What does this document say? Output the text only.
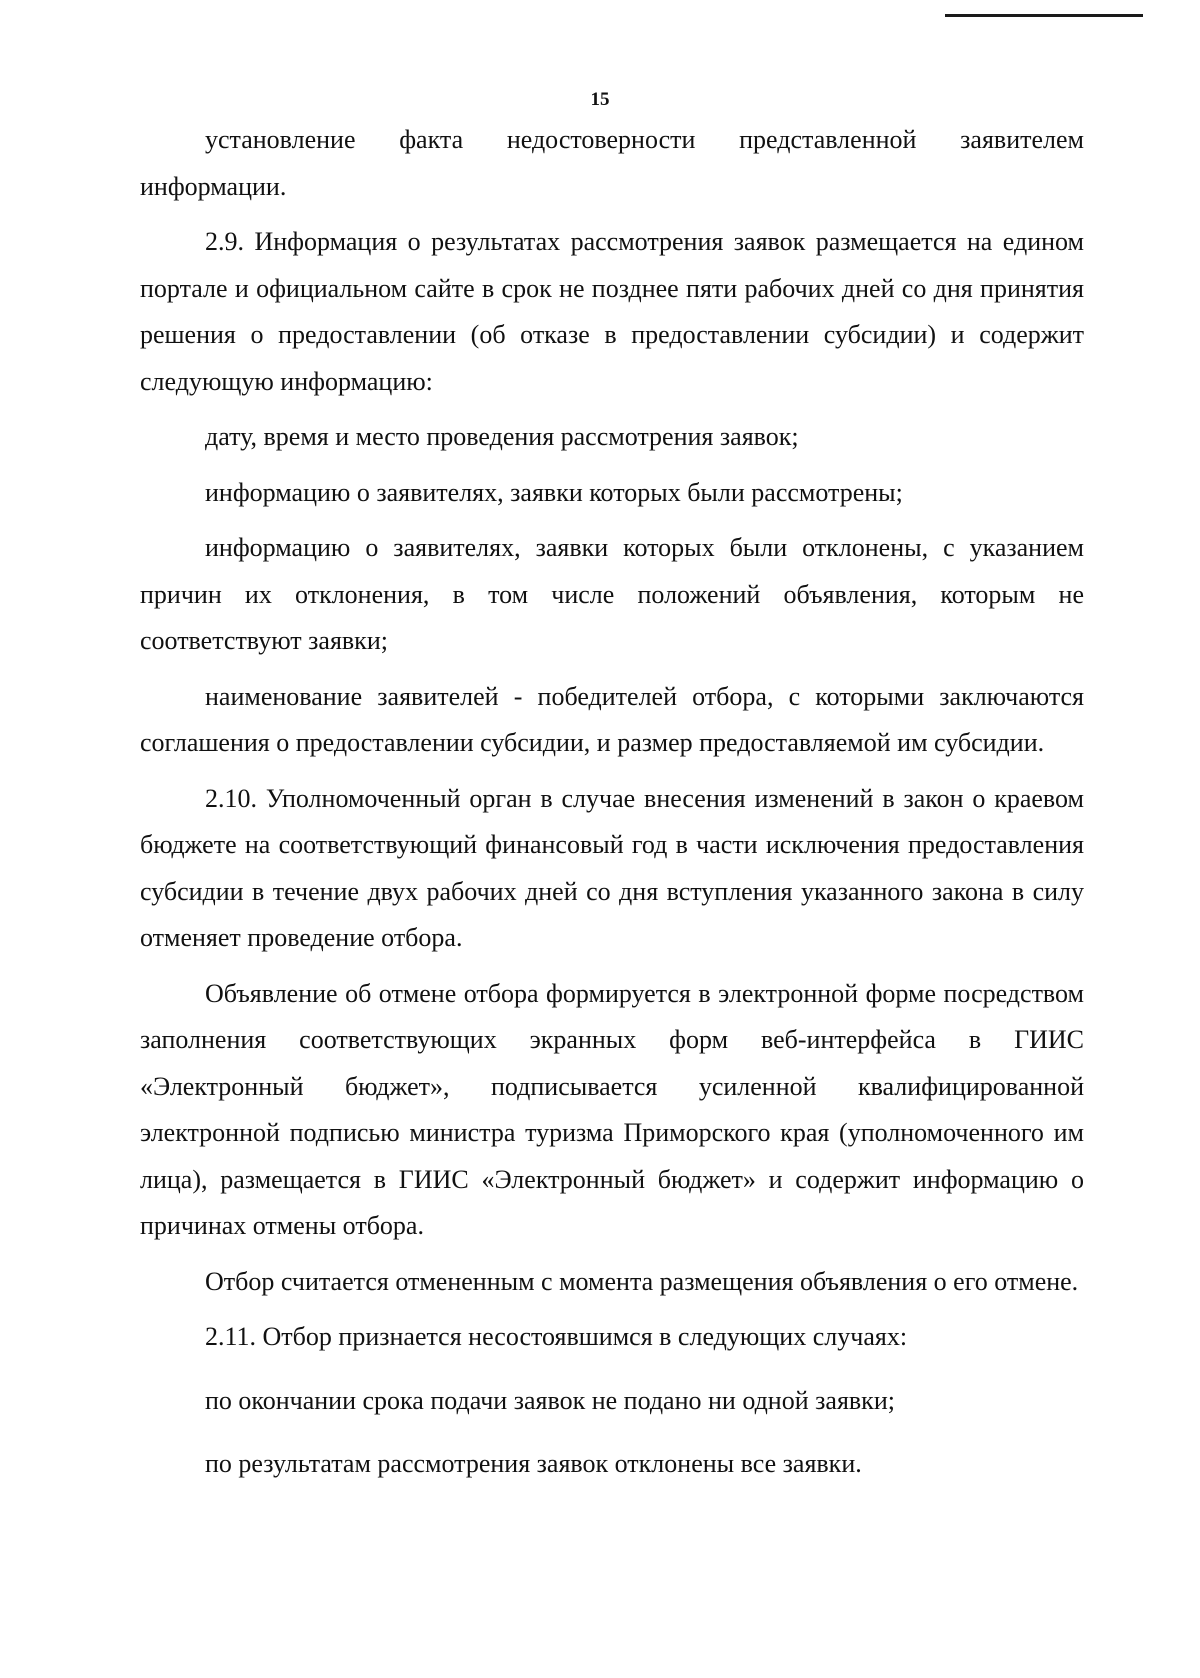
15

установление факта недостоверности представленной заявителем информации.

2.9. Информация о результатах рассмотрения заявок размещается на едином портале и официальном сайте в срок не позднее пяти рабочих дней со дня принятия решения о предоставлении (об отказе в предоставлении субсидии) и содержит следующую информацию:

дату, время и место проведения рассмотрения заявок;

информацию о заявителях, заявки которых были рассмотрены;

информацию о заявителях, заявки которых были отклонены, с указанием причин их отклонения, в том числе положений объявления, которым не соответствуют заявки;

наименование заявителей - победителей отбора, с которыми заключаются соглашения о предоставлении субсидии, и размер предоставляемой им субсидии.

2.10. Уполномоченный орган в случае внесения изменений в закон о краевом бюджете на соответствующий финансовый год в части исключения предоставления субсидии в течение двух рабочих дней со дня вступления указанного закона в силу отменяет проведение отбора.

Объявление об отмене отбора формируется в электронной форме посредством заполнения соответствующих экранных форм веб-интерфейса в ГИИС «Электронный бюджет», подписывается усиленной квалифицированной электронной подписью министра туризма Приморского края (уполномоченного им лица), размещается в ГИИС «Электронный бюджет» и содержит информацию о причинах отмены отбора.

Отбор считается отмененным с момента размещения объявления о его отмене.

2.11. Отбор признается несостоявшимся в следующих случаях:

по окончании срока подачи заявок не подано ни одной заявки;

по результатам рассмотрения заявок отклонены все заявки.
